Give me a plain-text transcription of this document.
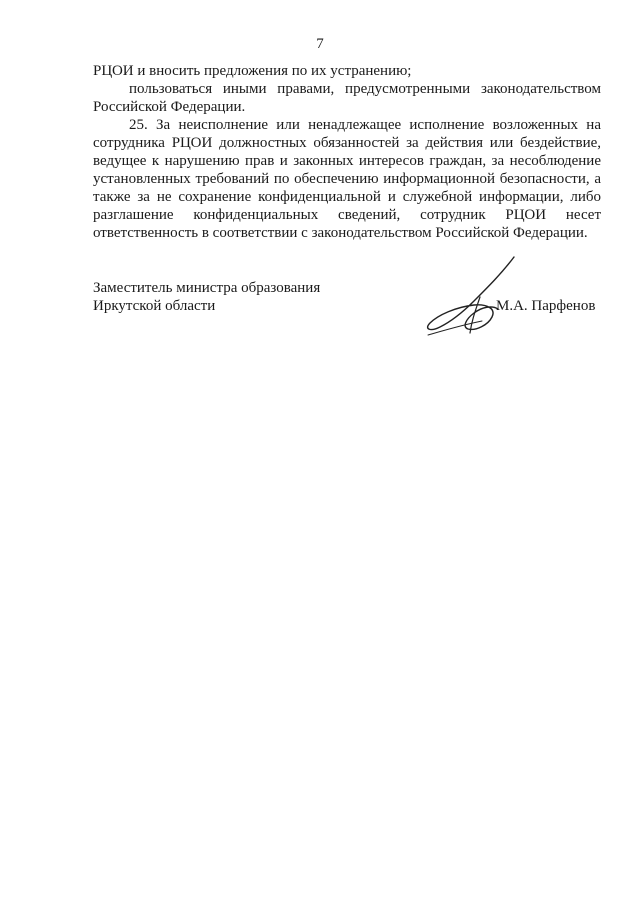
7

РЦОИ и вносить предложения по их устранению;

пользоваться иными правами, предусмотренными законодательством Российской Федерации.

25. За неисполнение или ненадлежащее исполнение возложенных на сотрудника РЦОИ должностных обязанностей за действия или бездействие, ведущее к нарушению прав и законных интересов граждан, за несоблюдение установленных требований по обеспечению информационной безопасности, а также за не сохранение конфиденциальной и служебной информации, либо разглашение конфиденциальных сведений, сотрудник РЦОИ несет ответственность в соответствии с законодательством Российской Федерации.

Заместитель министра образования
Иркутской области	М.А. Парфенов
